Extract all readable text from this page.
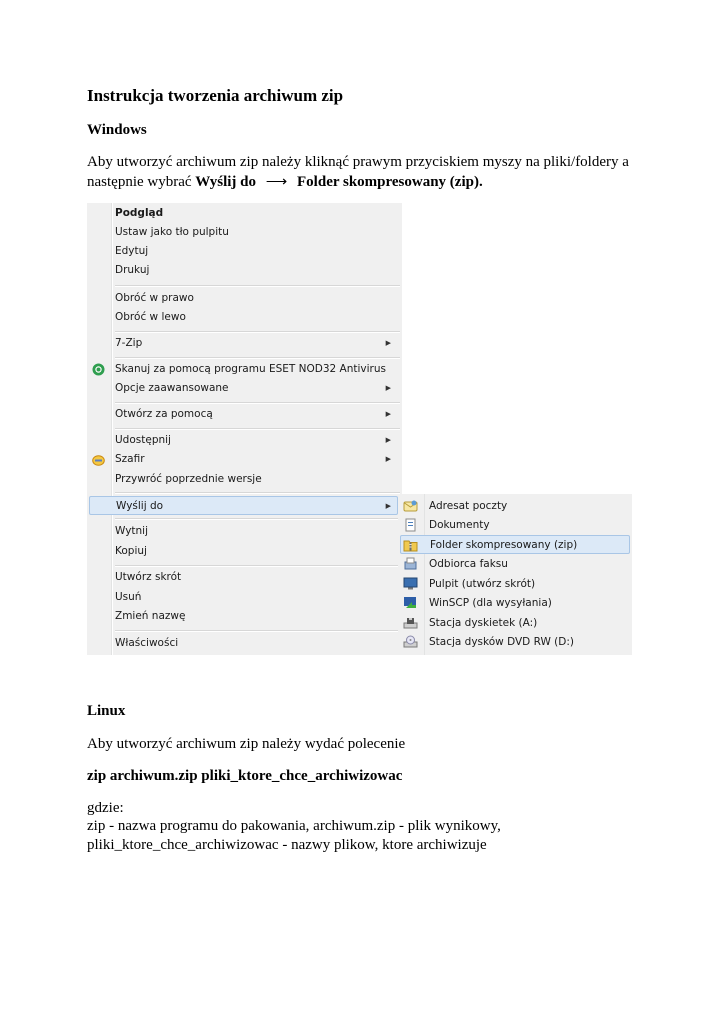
Instrukcja tworzenia archiwum zip
Windows
Aby utworzyć archiwum zip należy kliknąć prawym przyciskiem myszy na pliki/foldery a
następnie wybrać Wyślij do ⟶ Folder skompresowany (zip).
Podgląd
Ustaw jako tło pulpitu
Edytuj
Drukuj
Obróć w prawo
Obróć w lewo
7-Zip	▶
Skanuj za pomocą programu ESET NOD32 Antivirus
Opcje zaawansowane	▶
Otwórz za pomocą	▶
Udostępnij	▶
Szafir	▶
Przywróć poprzednie wersje
Wyślij do	▶
Wytnij
Kopiuj
Utwórz skrót
Usuń
Zmień nazwę
Właściwości
Adresat poczty
Dokumenty
Folder skompresowany (zip)
Odbiorca faksu
Pulpit (utwórz skrót)
WinSCP (dla wysyłania)
Stacja dyskietek (A:)
Stacja dysków DVD RW (D:)
Linux
Aby utworzyć archiwum zip należy wydać polecenie
zip archiwum.zip pliki_ktore_chce_archiwizowac
gdzie:
zip - nazwa programu do pakowania, archiwum.zip - plik wynikowy,
pliki_ktore_chce_archiwizowac - nazwy plikow, ktore archiwizuje
